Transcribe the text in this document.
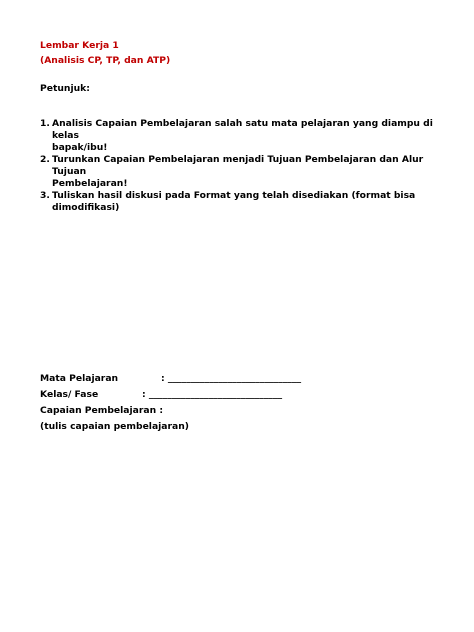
Lembar Kerja 1
(Analisis CP, TP, dan ATP)
Petunjuk:
1. Analisis Capaian Pembelajaran salah satu mata pelajaran yang diampu di kelas
bapak/ibu!
2. Turunkan Capaian Pembelajaran menjadi Tujuan Pembelajaran dan Alur Tujuan
Pembelajaran!
3. Tuliskan hasil diskusi pada Format yang telah disediakan (format bisa dimodifikasi)
Mata Pelajaran	: _____________________________
Kelas/ Fase	: _____________________________
Capaian Pembelajaran :
(tulis capaian pembelajaran)
